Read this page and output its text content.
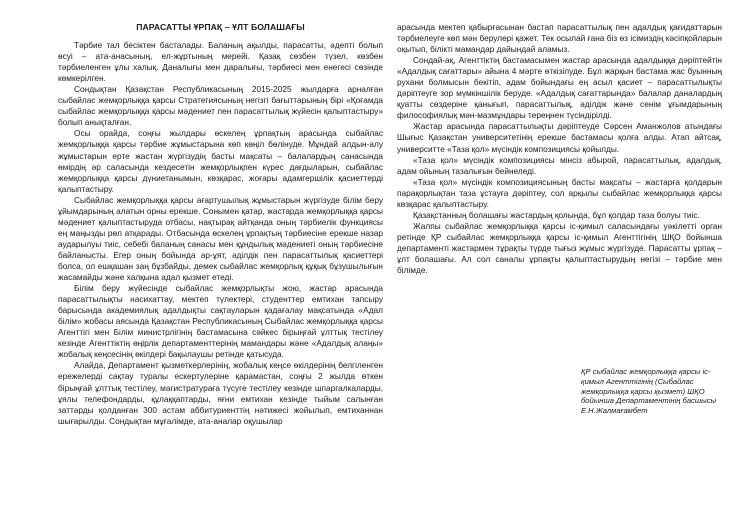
ПАРАСАТТЫ ҰРПАҚ – ҰЛТ БОЛАШАҒЫ

Тәрбие тал бесіктен басталады. Баланың ақылды, парасатты, әдепті болып өсуі – ата-анасының, ел-жұртының мерейі. Қазақ сөзбен түзел, көзбен тәрбиеленген ұлы халық. Даналығы мен даралығы, тәрбиесі мен енегесі сөзінде көмкерілген.

Сондықтан Қазақстан Республикасының 2015-2025 жылдарға арналған сыбайлас жемқорлыққа қарсы Стратегиясының негізгі бағыттарының бірі «Қоғамда сыбайлас жемқорлыққа қарсы мәдениет пен парасаттылық жүйесін қалыптастыру» болып анықталған.

Осы орайда, соңғы жылдары өскелең ұрпақтың арасында сыбайлас жемқорлыққа қарсы тәрбие жұмыстарына көп көңіл бөлінуде. Мұндай алдын-алу жұмыстарын ерте жастан жүргізудің басты мақсаты – балалардың санасында өмірдің әр саласында кездесетін жемқорлықпен күрес дағдыларын, сыбайлас жемқорлыққа қарсы дүниетанымын, көзқарас, жоғары адамгершілік қасиеттерді қалыптастыру.

Сыбайлас жемқорлыққа қарсы ағартушылық жұмыстарын жүргізуде білім беру ұйымдарының алатын орны ерекше. Сонымен қатар, жастарда жемқорлыққа қарсы мәдениет қалыптастыруда отбасы, нақтырақ айтқанда оның тәрбиелік функциясы ең маңызды рөл атқарады. Отбасында өскелең ұрпақтың тәрбиесіне ерекше назар аударылуы тиіс, себебі баланың санасы мен құндылық мәдениеті оның тәрбиесіне байланысты. Егер оның бойында ар-ұят, әділдік пен парасаттылық қасиеттері болса, ол ешқашан заң бұзбайды, демек сыбайлас жемқорлық құқық бұзушылығын жасамайды және халқына адал қызмет етеді.

Білім беру жүйесінде сыбайлас жемқорлықты жою, жастар арасында парасаттылықты насихаттау, мектеп түлектері, студенттер емтихан тапсыру барысында академиялық адалдықты сақтауларын қадағалау мақсатында «Адал білім» жобасы аясында Қазақстан Республикасының Сыбайлас жемқорлыққа қарсы Агенттігі мен Білім министрлігінің бастамасына сәйкес бірыңғай ұлттық тестілеу кезінде Агенттіктің өңірлік департаменттерінің мамандары және «Адалдық алаңы» жобалық кеңсесінің өкілдері бақылаушы ретінде қатысуда.

Алайда, Департамент қызметкерлерінің, жобалық кеңсе өкілдерінің белгіленген ережелерді сақтау туралы ескертулеріне қарамастан, соңғы 2 жылда өткен бірыңғай ұлттық тестілеу, магистратураға түсуге тестілеу кезінде шпаргалкаларды, ұялы телефондарды, құлаққаптарды, яғни емтихан кезінде тыйым салынған заттарды қолданған 300 астам аббитуриенттің нәтижесі жойылып, емтиханнан шығарылды. Сондықтан мұғалімде, ата-аналар оқушылар

арасында мектеп қабырғасынан бастап парасаттылық пен адалдық қағидаттарын тәрбиелеуге көп мән берулері қажет. Тек осылай ғана біз өз ісімиздің кәсіпқойларын оқытып, білікті мамандар дайындай аламыз.

Сондай-ақ, Агенттіктің бастамасымен жастар арасында адалдыққа дәріптейтін «Адалдық сағаттары» айына 4 мәрте өткізілуде. Бұл жарқын бастама жас буынның рухани болмысын бекітіп, адам бойындағы ең асыл қасиет – парасаттылықты дәріптеуге зор мүмкіншілік беруде. «Адалдық сағаттарында» балалар даналардың қуатты сөздеріне қанығып, парасаттылық, әділдік және сенім ұғымдарының философиялық мән-мазмұндары тереңнен түсіндірілді.

Жастар арасында парасаттылықты дәріптеуде Сәрсен Аманжолов атындағы Шығыс Қазақстан университетінің ерекше бастамасы қолға алды. Атап айтсақ, университте «Таза қол» мүсіндік композициясы қойылды.

«Таза қол» мүсіндік композициясы мінсіз абырой, парасаттылық, адалдық, адам ойының тазалығын бейнеледі.

«Таза қол» мүсіндік композициясының басты мақсаты – жастарға қолдарын парақорлықтан таза ұстауға дәріптеу, сол арқылы сыбайлас жемқорлыққа қарсы көзқарас қалыптастыру.

Қазақстанның болашағы жастардың қолында, бұл қолдар таза болуы тиіс.

Жалпы сыбайлас жемқорлыққа қарсы іс-қимыл саласындағы уәкілетті орган ретінде ҚР сыбайлас жемқорлыққа қарсы іс-қимыл Агенттігінің ШҚО бойынша департаменті жастармен тұрақты түрде тығыз жұмыс жүргізуде. Парасатты ұрпақ – ұлт болашағы. Ал сол саналы ұрпақты қалыптастырудың негізі – тәрбие мен білімде.

ҚР сыбайлас жемқорлыққа қарсы іс-қимыл Агенттігінің (Сыбайлас жемқорлыққа қарсы қызмет) ШҚО бойынша Департаментінің басшысы Е.Н.Жалмағамбет
